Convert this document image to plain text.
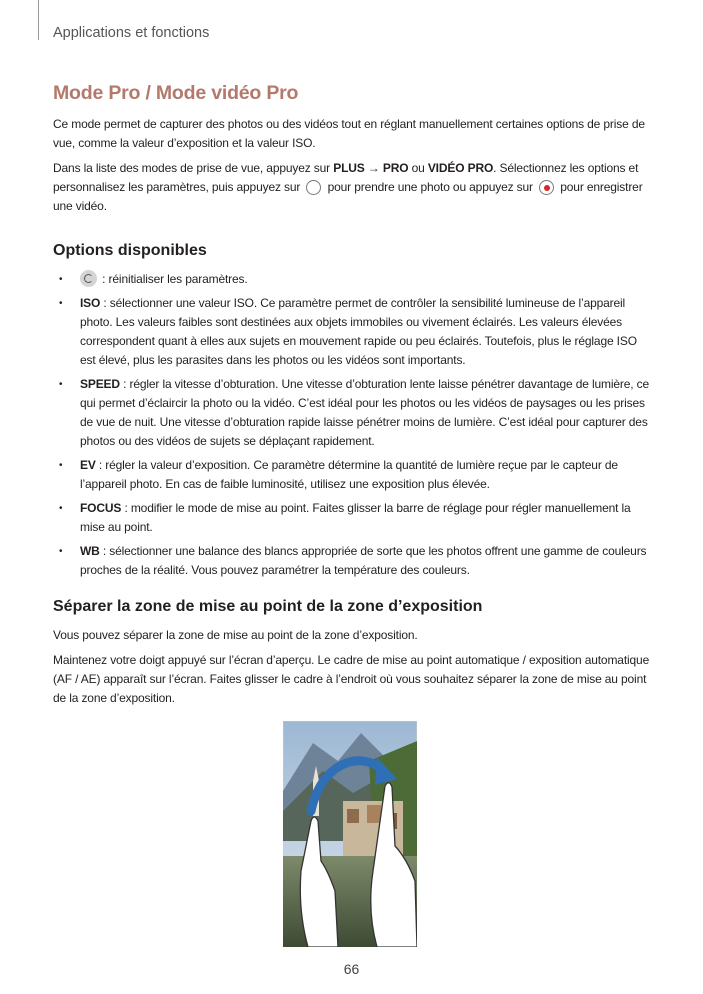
Applications et fonctions
Mode Pro / Mode vidéo Pro

Ce mode permet de capturer des photos ou des vidéos tout en réglant manuellement certaines options de prise de vue, comme la valeur d’exposition et la valeur ISO.

Dans la liste des modes de prise de vue, appuyez sur PLUS → PRO ou VIDÉO PRO. Sélectionnez les options et personnalisez les paramètres, puis appuyez sur  pour prendre une photo ou appuyez sur  pour enregistrer une vidéo.

Options disponibles
•	: réinitialiser les paramètres.
• ISO : sélectionner une valeur ISO. Ce paramètre permet de contrôler la sensibilité lumineuse de l’appareil photo. Les valeurs faibles sont destinées aux objets immobiles ou vivement éclairés. Les valeurs élevées correspondent quant à elles aux sujets en mouvement rapide ou peu éclairés. Toutefois, plus le réglage ISO est élevé, plus les parasites dans les photos ou les vidéos sont importants.
• SPEED : régler la vitesse d’obturation. Une vitesse d’obturation lente laisse pénétrer davantage de lumière, ce qui permet d’éclaircir la photo ou la vidéo. C’est idéal pour les photos ou les vidéos de paysages ou les prises de vue de nuit. Une vitesse d’obturation rapide laisse pénétrer moins de lumière. C’est idéal pour capturer des photos ou des vidéos de sujets se déplaçant rapidement.
• EV : régler la valeur d’exposition. Ce paramètre détermine la quantité de lumière reçue par le capteur de l’appareil photo. En cas de faible luminosité, utilisez une exposition plus élevée.
• FOCUS : modifier le mode de mise au point. Faites glisser la barre de réglage pour régler manuellement la mise au point.
• WB : sélectionner une balance des blancs appropriée de sorte que les photos offrent une gamme de couleurs proches de la réalité. Vous pouvez paramétrer la température des couleurs.
Séparer la zone de mise au point de la zone d’exposition

Vous pouvez séparer la zone de mise au point de la zone d’exposition.

Maintenez votre doigt appuyé sur l’écran d’aperçu. Le cadre de mise au point automatique / exposition automatique (AF / AE) apparaît sur l’écran. Faites glisser le cadre à l’endroit où vous souhaitez séparer la zone de mise au point de la zone d’exposition.

66
